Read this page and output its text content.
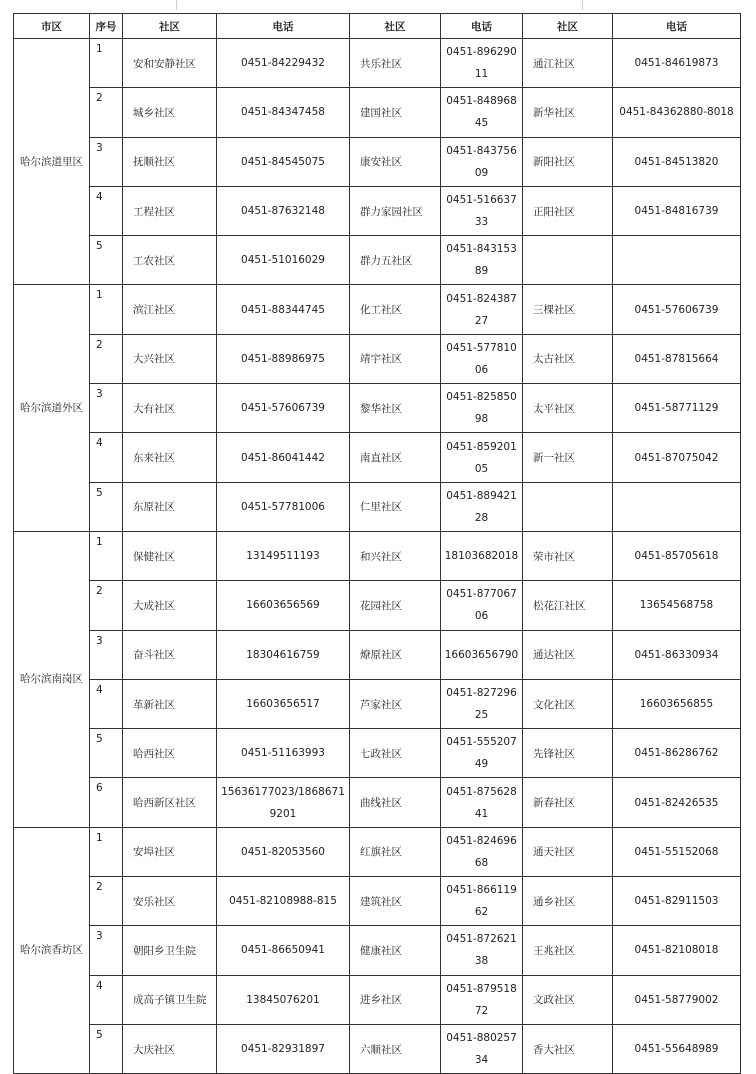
市区	序号	社区	电话	社区	电话	社区	电话
哈尔滨道里区	1	安和安静社区	0451-84229432	共乐社区	0451-89629011	通江社区	0451-84619873
	2	城乡社区	0451-84347458	建国社区	0451-84896845	新华社区	0451-84362880-8018
	3	抚顺社区	0451-84545075	康安社区	0451-84375609	新阳社区	0451-84513820
	4	工程社区	0451-87632148	群力家园社区	0451-51663733	正阳社区	0451-84816739
	5	工农社区	0451-51016029	群力五社区	0451-84315389		
哈尔滨道外区	1	滨江社区	0451-88344745	化工社区	0451-82438727	三棵社区	0451-57606739
	2	大兴社区	0451-88986975	靖宇社区	0451-57781006	太古社区	0451-87815664
	3	大有社区	0451-57606739	黎华社区	0451-82585098	太平社区	0451-58771129
	4	东来社区	0451-86041442	南直社区	0451-85920105	新一社区	0451-87075042
	5	东原社区	0451-57781006	仁里社区	0451-88942128		
哈尔滨南岗区	1	保健社区	13149511193	和兴社区	18103682018	荣市社区	0451-85705618
	2	大成社区	16603656569	花园社区	0451-87706706	松花江社区	13654568758
	3	奋斗社区	18304616759	燎原社区	16603656790	通达社区	0451-86330934
	4	革新社区	16603656517	芦家社区	0451-82729625	文化社区	16603656855
	5	哈西社区	0451-51163993	七政社区	0451-55520749	先锋社区	0451-86286762
	6	哈西新区社区	15636177023/18686719201	曲线社区	0451-87562841	新春社区	0451-82426535
哈尔滨香坊区	1	安埠社区	0451-82053560	红旗社区	0451-82469668	通天社区	0451-55152068
	2	安乐社区	0451-82108988-815	建筑社区	0451-86611962	通乡社区	0451-82911503
	3	朝阳乡卫生院	0451-86650941	健康社区	0451-87262138	王兆社区	0451-82108018
	4	成高子镇卫生院	13845076201	进乡社区	0451-87951872	文政社区	0451-58779002
	5	大庆社区	0451-82931897	六顺社区	0451-88025734	香大社区	0451-55648989
